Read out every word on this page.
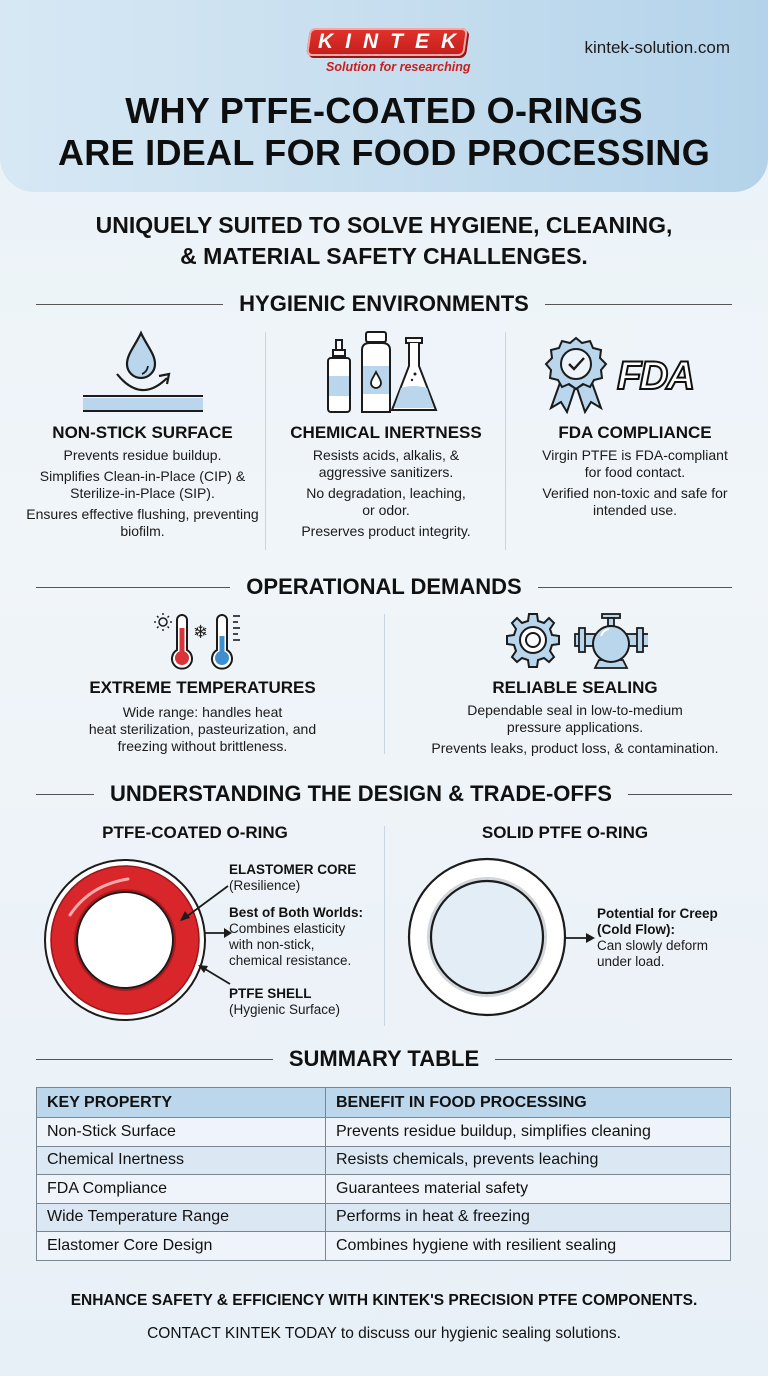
KINTEK
Solution for researching
kintek-solution.com
WHY PTFE-COATED O-RINGS
ARE IDEAL FOR FOOD PROCESSING
UNIQUELY SUITED TO SOLVE HYGIENE, CLEANING,
& MATERIAL SAFETY CHALLENGES.
HYGIENIC ENVIRONMENTS
NON-STICK SURFACE

Prevents residue buildup.

Simplifies Clean-in-Place (CIP) & Sterilize-in-Place (SIP).

Ensures effective flushing, preventing biofilm.

CHEMICAL INERTNESS

Resists acids, alkalis, & aggressive sanitizers.

No degradation, leaching, or odor.

Preserves product integrity.

FDA
FDA COMPLIANCE

Virgin PTFE is FDA-compliant for food contact.

Verified non-toxic and safe for intended use.

OPERATIONAL DEMANDS
❄
EXTREME TEMPERATURES

Wide range: handles heat

heat sterilization, pasteurization, and

freezing without brittleness.

RELIABLE SEALING

Dependable seal in low-to-medium

pressure applications.

Prevents leaks, product loss, & contamination.

UNDERSTANDING THE DESIGN & TRADE-OFFS
PTFE-COATED O-RING	SOLID PTFE O-RING
ELASTOMER CORE
(Resilience)
Best of Both Worlds:
Combines elasticity
with non-stick,
chemical resistance.
PTFE SHELL
(Hygienic Surface)
Potential for Creep
(Cold Flow):
Can slowly deform
under load.
SUMMARY TABLE
KEY PROPERTY	BENEFIT IN FOOD PROCESSING
Non-Stick Surface	Prevents residue buildup, simplifies cleaning
Chemical Inertness	Resists chemicals, prevents leaching
FDA Compliance	Guarantees material safety
Wide Temperature Range	Performs in heat & freezing
Elastomer Core Design	Combines hygiene with resilient sealing
ENHANCE SAFETY & EFFICIENCY WITH KINTEK'S PRECISION PTFE COMPONENTS.
CONTACT KINTEK TODAY to discuss our hygienic sealing solutions.
